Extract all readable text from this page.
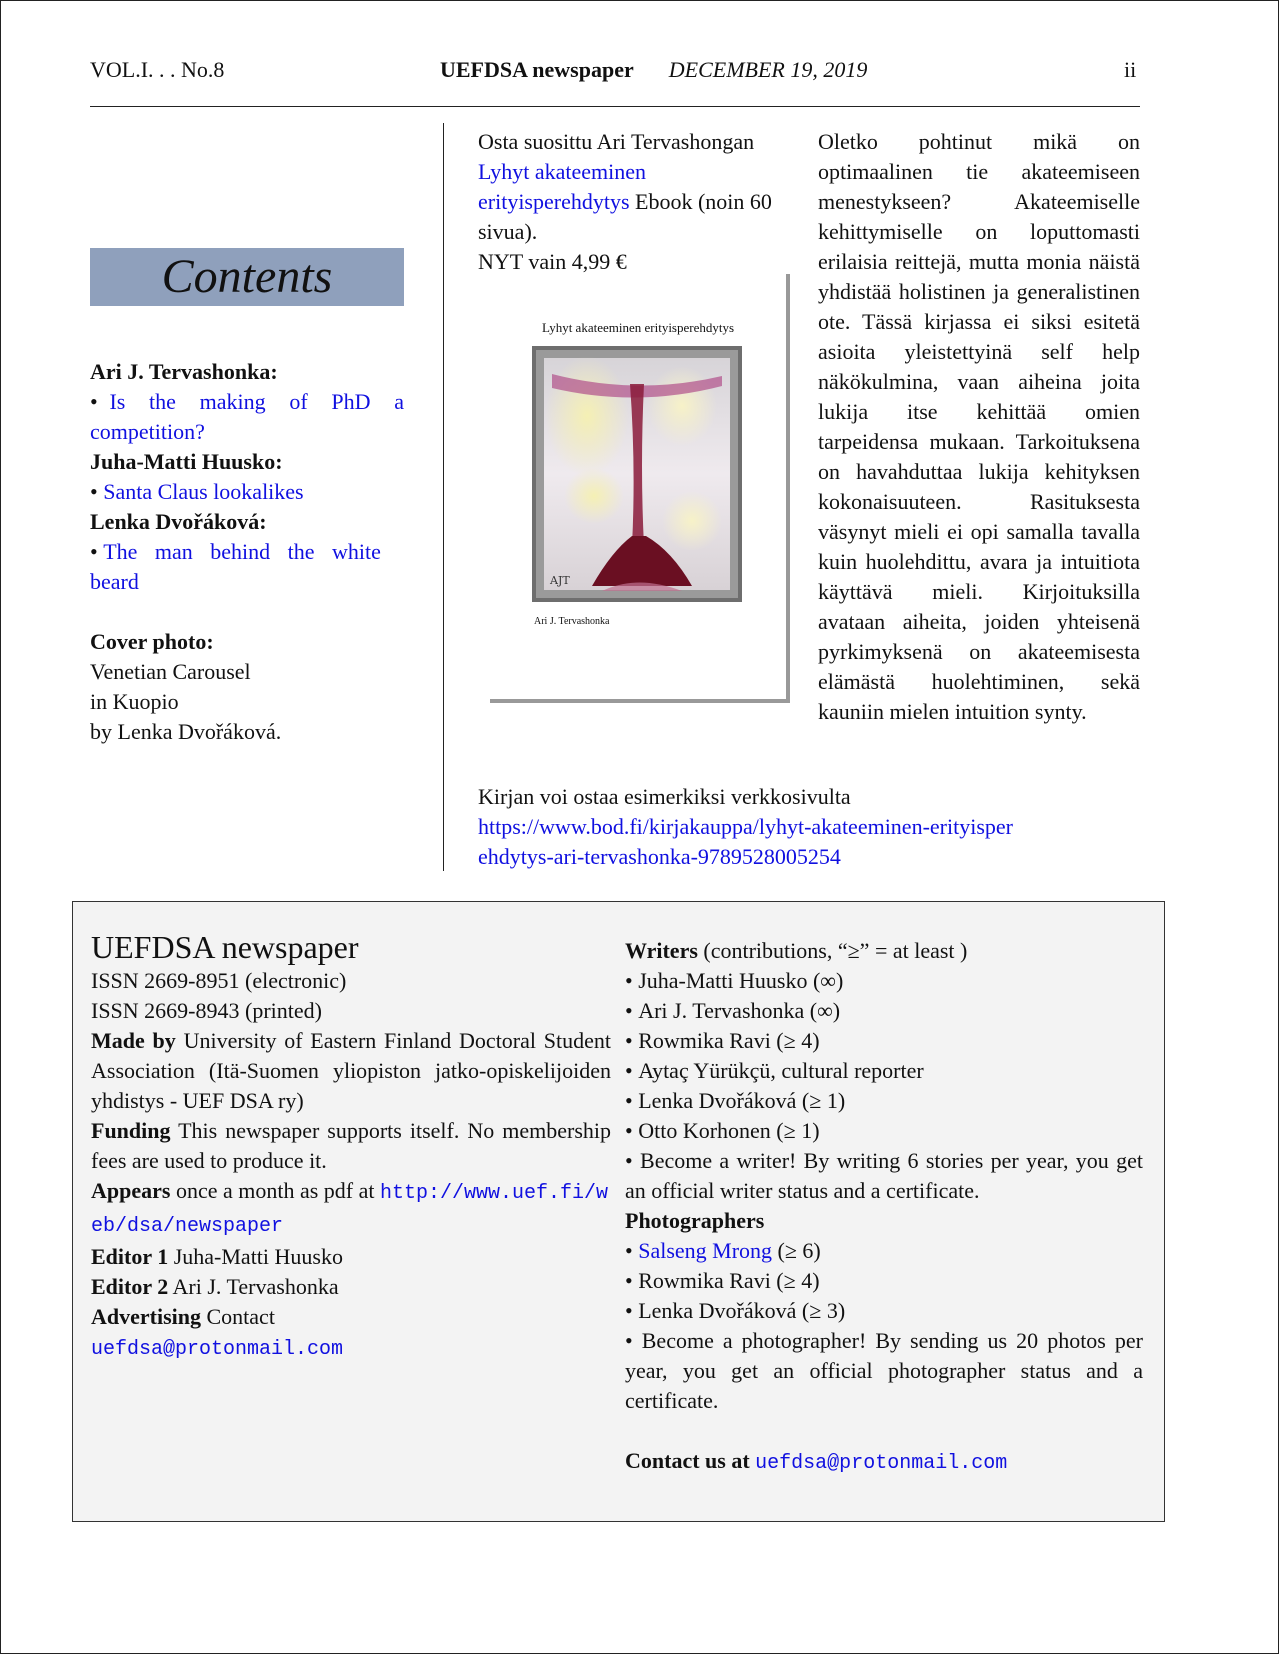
VOL.I. . . No.8	UEFDSA newspaper DECEMBER 19, 2019	ii
Contents
Ari J. Tervashonka:
• Is the making of PhD a competition?
Juha-Matti Huusko:
• Santa Claus lookalikes
Lenka Dvořáková:
• The man behind the white beard
Cover photo:
Venetian Carousel
in Kuopio
by Lenka Dvořáková.
Osta suosittu Ari Tervashongan
Lyhyt akateeminen erityisperehdytys Ebook (noin 60 sivua).
NYT vain 4,99 €
Lyhyt akateeminen erityisperehdytys
AJT
Ari J. Tervashonka
Oletko pohtinut mikä on optimaalinen tie akateemiseen menestykseen? Akateemiselle kehittymiselle on loputtomasti erilaisia reittejä, mutta monia näistä yhdistää holistinen ja generalistinen ote. Tässä kirjassa ei siksi esitetä asioita yleistettyinä self help näkökulmina, vaan aiheina joita lukija itse kehittää omien tarpeidensa mukaan. Tarkoituksena on havahduttaa lukija kehityksen kokonaisuuteen. Rasituksesta väsynyt mieli ei opi samalla tavalla kuin huolehdittu, avara ja intuitiota käyttävä mieli. Kirjoituksilla avataan aiheita, joiden yhteisenä pyrkimyksenä on akateemisesta elämästä huolehtiminen, sekä kauniin mielen intuition synty.
Kirjan voi ostaa esimerkiksi verkkosivulta
https://www.bod.fi/kirjakauppa/lyhyt-akateeminen-erityisperehdytys-ari-tervashonka-9789528005254
UEFDSA newspaper
ISSN 2669-8951 (electronic)
ISSN 2669-8943 (printed)
Made by University of Eastern Finland Doctoral Student Association (Itä-Suomen yliopiston jatko-opiskelijoiden yhdistys - UEF DSA ry)
Funding This newspaper supports itself. No membership fees are used to produce it.
Appears once a month as pdf at http://www.uef.fi/web/dsa/newspaper
Editor 1 Juha-Matti Huusko
Editor 2 Ari J. Tervashonka
Advertising Contact
uefdsa@protonmail.com
Writers (contributions, “≥” = at least )
• Juha-Matti Huusko (∞)
• Ari J. Tervashonka (∞)
• Rowmika Ravi (≥ 4)
• Aytaç Yürükçü, cultural reporter
• Lenka Dvořáková (≥ 1)
• Otto Korhonen (≥ 1)
• Become a writer! By writing 6 stories per year, you get an official writer status and a certificate.
Photographers
• Salseng Mrong (≥ 6)
• Rowmika Ravi (≥ 4)
• Lenka Dvořáková (≥ 3)
• Become a photographer! By sending us 20 photos per year, you get an official photographer status and a certificate.
Contact us at uefdsa@protonmail.com
